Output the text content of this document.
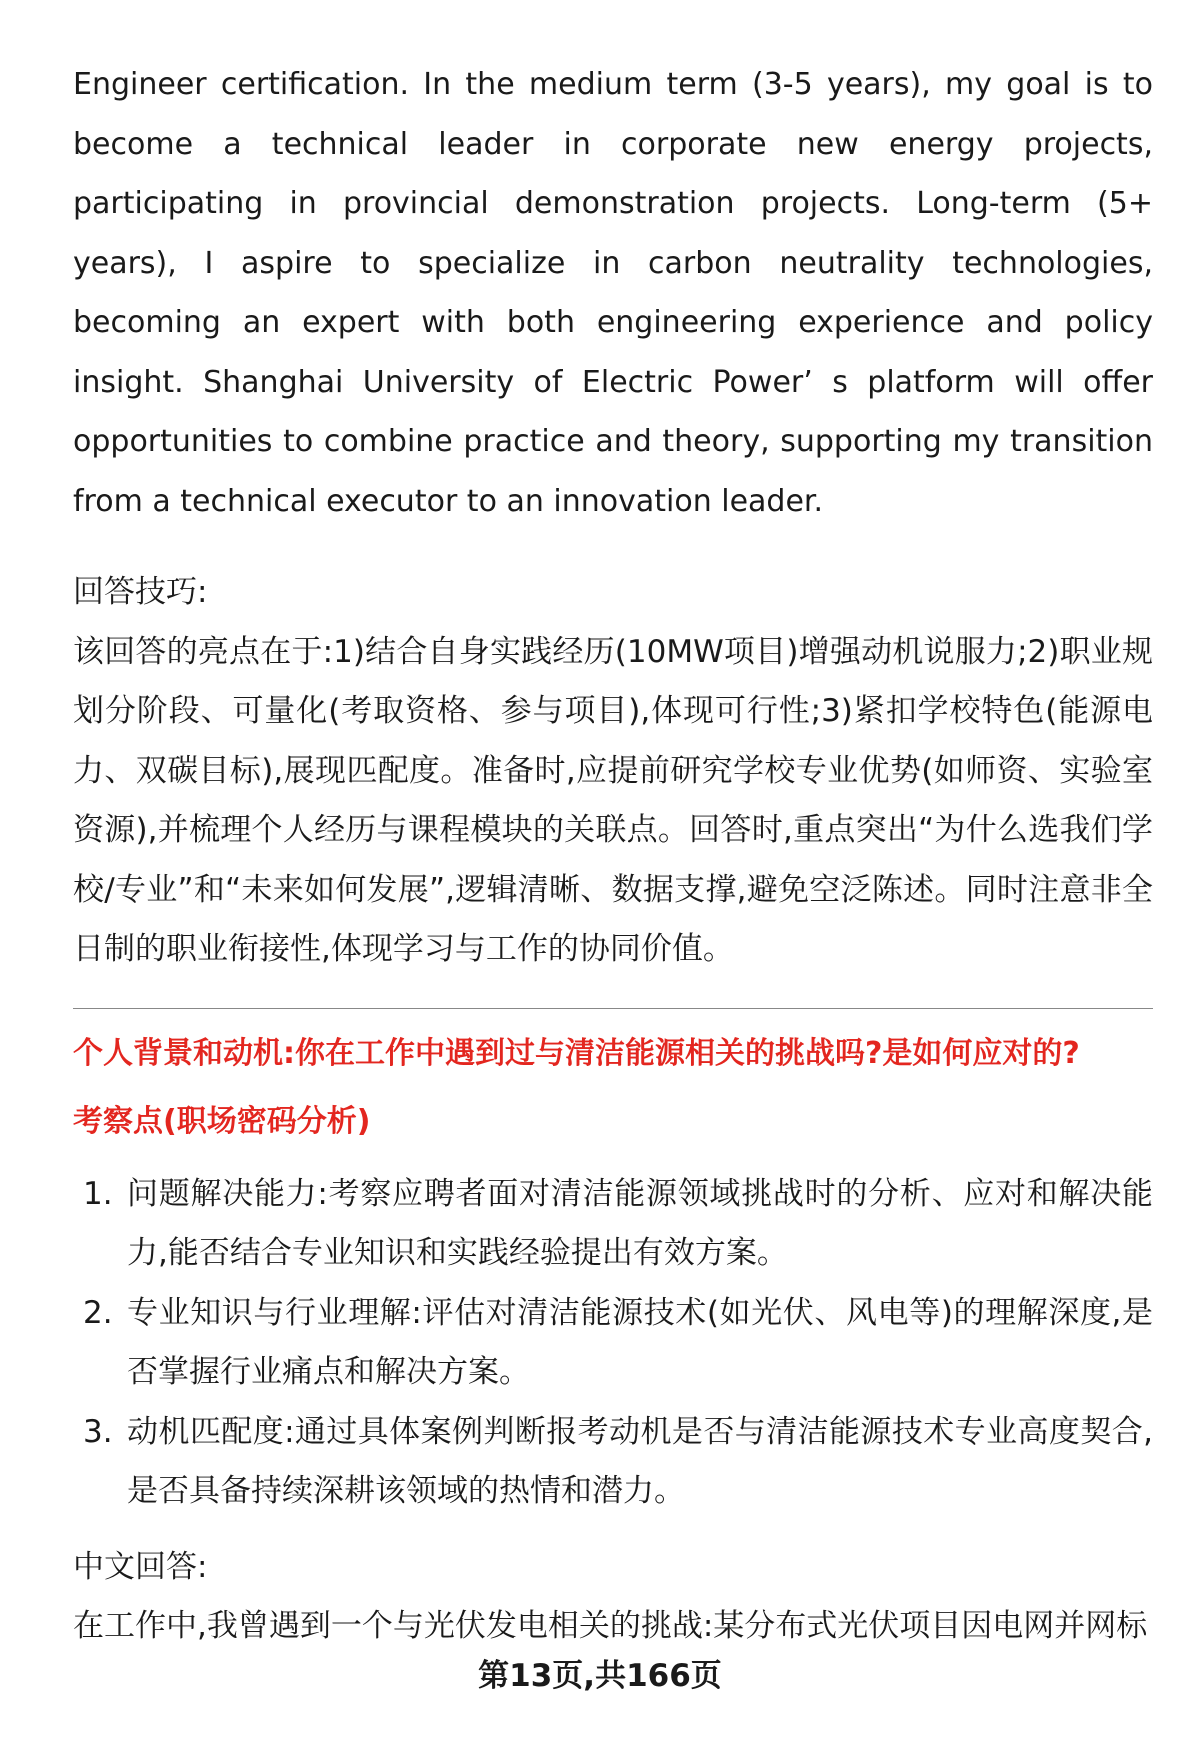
Engineer certification. In the medium term (3-5 years), my goal is to become a technical leader in corporate new energy projects, participating in provincial demonstration projects. Long-term (5+ years), I aspire to specialize in carbon neutrality technologies, becoming an expert with both engineering experience and policy insight. Shanghai University of Electric Power’ s platform will offer opportunities to combine practice and theory, supporting my transition from a technical executor to an innovation leader.

回答技巧:

该回答的亮点在于:1)结合自身实践经历(10MW项目)增强动机说服力;2)职业规划分阶段、可量化(考取资格、参与项目),体现可行性;3)紧扣学校特色(能源电力、双碳目标),展现匹配度。准备时,应提前研究学校专业优势(如师资、实验室资源),并梳理个人经历与课程模块的关联点。回答时,重点突出“为什么选我们学校/专业”和“未来如何发展”,逻辑清晰、数据支撑,避免空泛陈述。同时注意非全日制的职业衔接性,体现学习与工作的协同价值。

个人背景和动机:你在工作中遇到过与清洁能源相关的挑战吗?是如何应对的?

考察点(职场密码分析)

1. 问题解决能力:考察应聘者面对清洁能源领域挑战时的分析、应对和解决能力,能否结合专业知识和实践经验提出有效方案。
2. 专业知识与行业理解:评估对清洁能源技术(如光伏、风电等)的理解深度,是否掌握行业痛点和解决方案。
3. 动机匹配度:通过具体案例判断报考动机是否与清洁能源技术专业高度契合,是否具备持续深耕该领域的热情和潜力。

中文回答:

在工作中,我曾遇到一个与光伏发电相关的挑战:某分布式光伏项目因电网并网标

第13页,共166页
